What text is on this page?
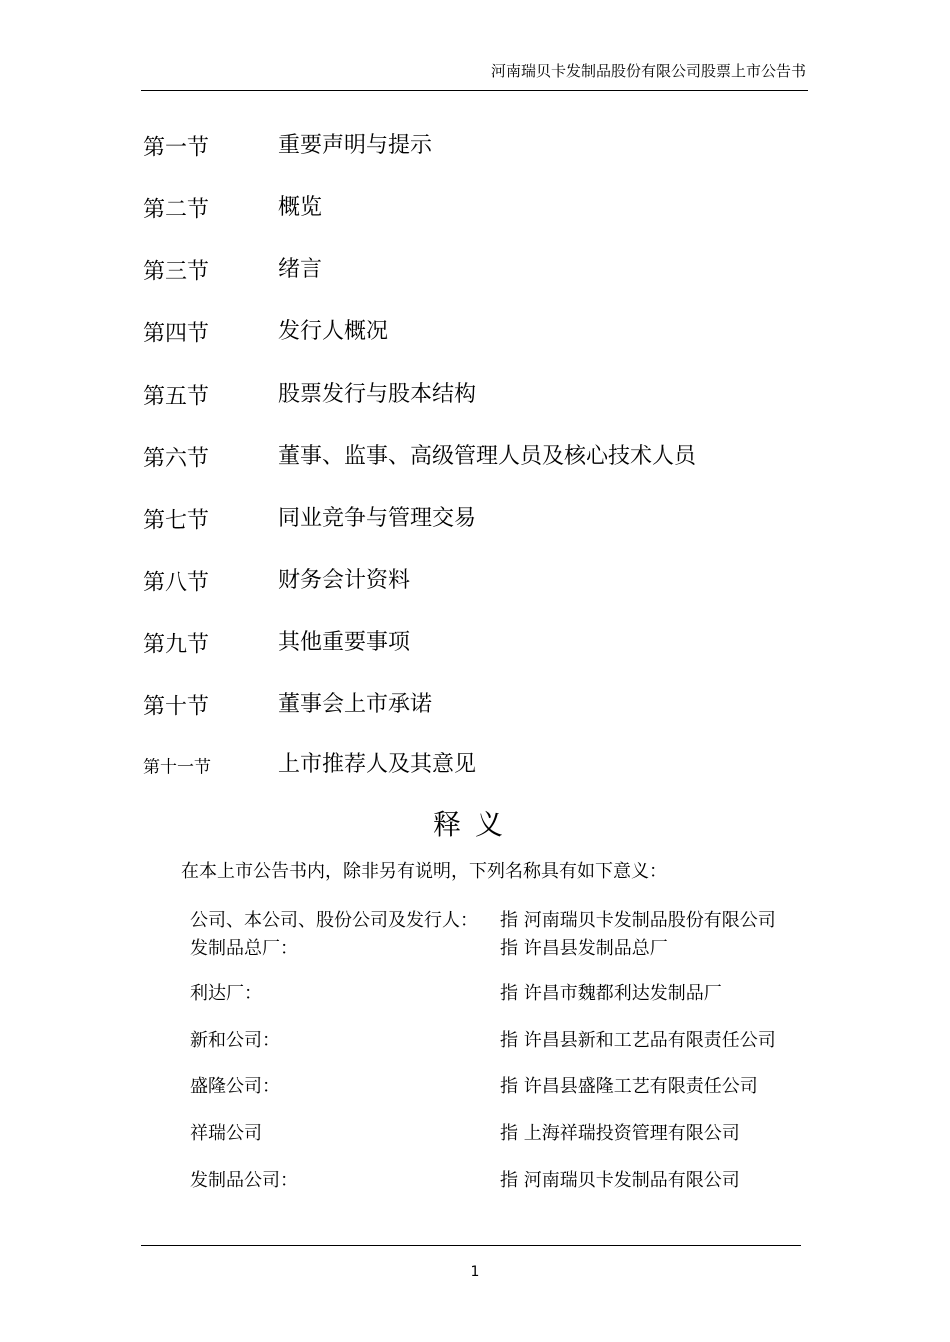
河南瑞贝卡发制品股份有限公司股票上市公告书
第一节	重要声明与提示
第二节	概览
第三节	绪言
第四节	发行人概况
第五节	股票发行与股本结构
第六节	董事、监事、高级管理人员及核心技术人员
第七节	同业竞争与管理交易
第八节	财务会计资料
第九节	其他重要事项
第十节	董事会上市承诺
第十一节	上市推荐人及其意见
释义
在本上市公告书内，除非另有说明，下列名称具有如下意义：
公司、本公司、股份公司及发行人： 指 河南瑞贝卡发制品股份有限公司
发制品总厂：	指 许昌县发制品总厂
利达厂：	指 许昌市魏都利达发制品厂
新和公司：	指 许昌县新和工艺品有限责任公司
盛隆公司：	指 许昌县盛隆工艺有限责任公司
祥瑞公司	指 上海祥瑞投资管理有限公司
发制品公司：	指 河南瑞贝卡发制品有限公司
1
